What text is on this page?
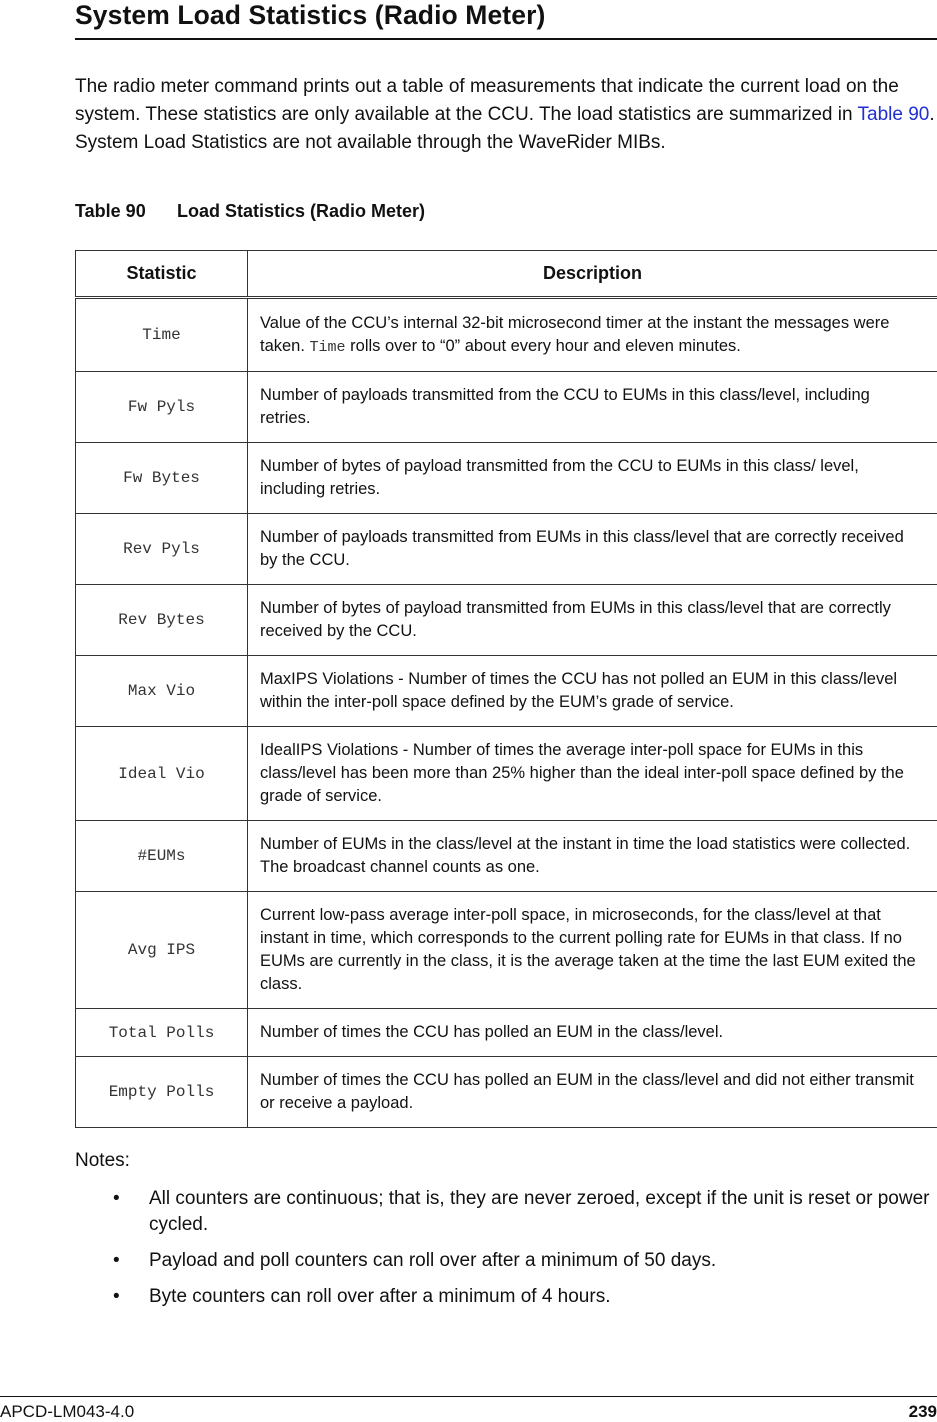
System Load Statistics (Radio Meter)

The radio meter command prints out a table of measurements that indicate the current load on the system. These statistics are only available at the CCU. The load statistics are summarized in Table 90. System Load Statistics are not available through the WaveRider MIBs.

Table 90 Load Statistics (Radio Meter)
Statistic	Description
Time	Value of the CCU’s internal 32-bit microsecond timer at the instant the messages were taken. Time rolls over to “0” about every hour and eleven minutes.
Fw Pyls	Number of payloads transmitted from the CCU to EUMs in this class/level, including retries.
Fw Bytes	Number of bytes of payload transmitted from the CCU to EUMs in this class/ level, including retries.
Rev Pyls	Number of payloads transmitted from EUMs in this class/level that are correctly received by the CCU.
Rev Bytes	Number of bytes of payload transmitted from EUMs in this class/level that are correctly received by the CCU.
Max Vio	MaxIPS Violations - Number of times the CCU has not polled an EUM in this class/level within the inter-poll space defined by the EUM’s grade of service.
Ideal Vio	IdealIPS Violations - Number of times the average inter-poll space for EUMs in this class/level has been more than 25% higher than the ideal inter-poll space defined by the grade of service.
#EUMs	Number of EUMs in the class/level at the instant in time the load statistics were collected. The broadcast channel counts as one.
Avg IPS	Current low-pass average inter-poll space, in microseconds, for the class/level at that instant in time, which corresponds to the current polling rate for EUMs in that class. If no EUMs are currently in the class, it is the average taken at the time the last EUM exited the class.
Total Polls	Number of times the CCU has polled an EUM in the class/level.
Empty Polls	Number of times the CCU has polled an EUM in the class/level and did not either transmit or receive a payload.
Notes:
• All counters are continuous; that is, they are never zeroed, except if the unit is reset or power cycled.
• Payload and poll counters can roll over after a minimum of 50 days.
• Byte counters can roll over after a minimum of 4 hours.
APCD-LM043-4.0	239
